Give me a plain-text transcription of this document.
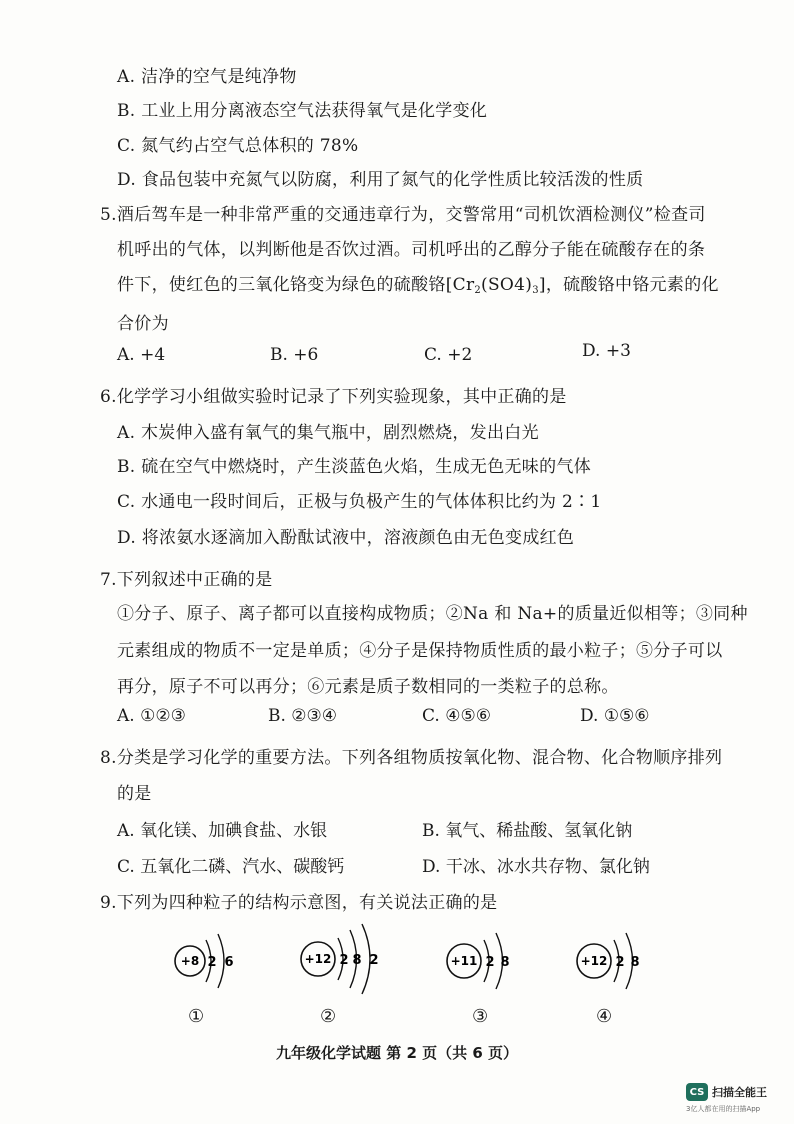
A. 洁净的空气是纯净物
B. 工业上用分离液态空气法获得氧气是化学变化
C. 氮气约占空气总体积的 78%
D. 食品包装中充氮气以防腐，利用了氮气的化学性质比较活泼的性质
5.酒后驾车是一种非常严重的交通违章行为，交警常用“司机饮酒检测仪”检查司
机呼出的气体，以判断他是否饮过酒。司机呼出的乙醇分子能在硫酸存在的条
件下，使红色的三氧化铬变为绿色的硫酸铬$[Cr_2(SO4)_3]$，硫酸铬中铬元素的化
合价为
A. +4	B. +6	C. +2	D. +3
6.化学学习小组做实验时记录了下列实验现象，其中正确的是
A. 木炭伸入盛有氧气的集气瓶中，剧烈燃烧，发出白光
B. 硫在空气中燃烧时，产生淡蓝色火焰，生成无色无味的气体
C. 水通电一段时间后，正极与负极产生的气体体积比约为 2∶1
D. 将浓氨水逐滴加入酚酞试液中，溶液颜色由无色变成红色
7.下列叙述中正确的是
①分子、原子、离子都可以直接构成物质；②Na 和 Na+的质量近似相等；③同种
元素组成的物质不一定是单质；④分子是保持物质性质的最小粒子；⑤分子可以
再分，原子不可以再分；⑥元素是质子数相同的一类粒子的总称。
A. ①②③	B. ②③④	C. ④⑤⑥	D. ①⑤⑥
8.分类是学习化学的重要方法。下列各组物质按氧化物、混合物、化合物顺序排列
的是
A. 氧化镁、加碘食盐、水银	B. 氧气、稀盐酸、氢氧化钠
C. 五氧化二磷、汽水、碳酸钙	D. 干冰、冰水共存物、氯化钠
9.下列为四种粒子的结构示意图，有关说法正确的是
+8 2 6
①
+12 2 8 2
②
+11 2 8
③
+12 2 8
④
九年级化学试题 第 2 页（共 6 页）
CS 扫描全能王
3亿人都在用的扫描App
